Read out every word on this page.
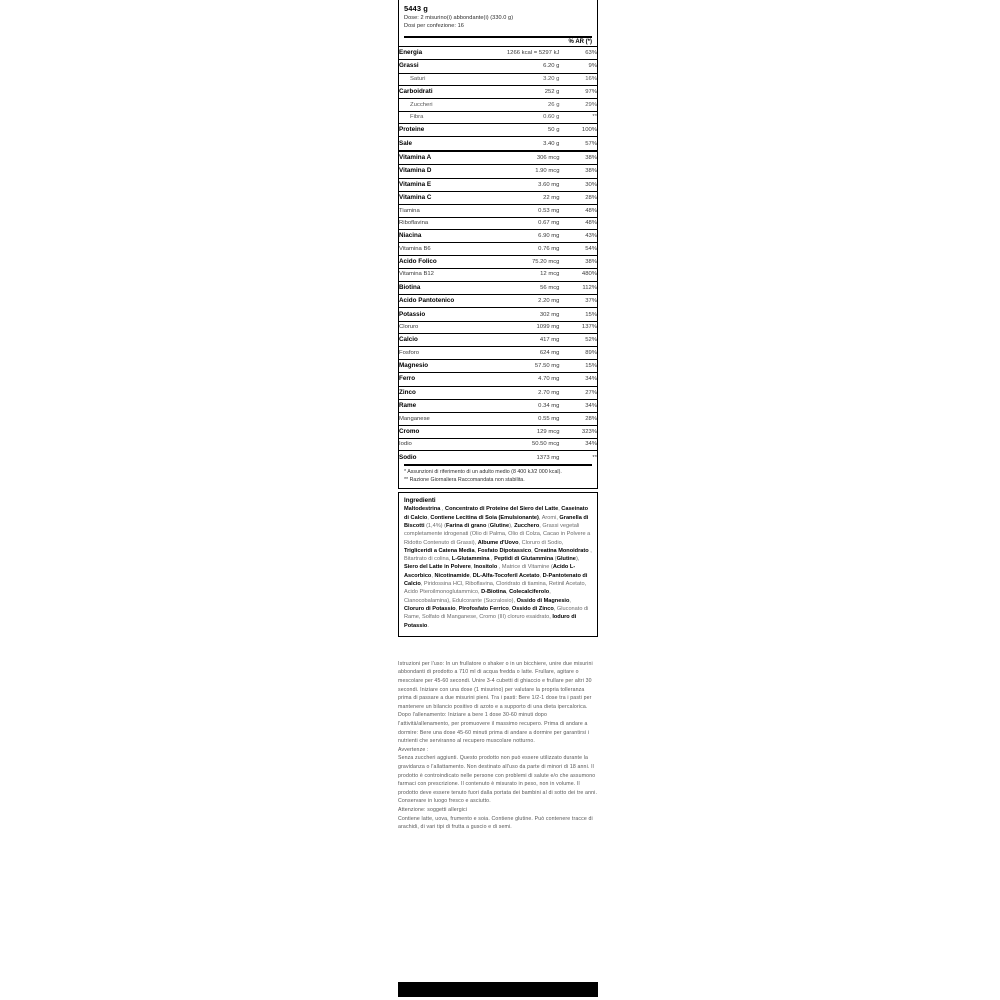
5443 g
Dose: 2 misurino(i) abbondante(i) (330.0 g)
Dosi per confezione: 16
% AR (*)
Energia	1266 kcal = 5297 kJ	63%
Grassi	6.20 g	9%
Saturi	3.20 g	16%
Carboidrati	252 g	97%
Zuccheri	26 g	29%
Fibra	0.60 g	**
Proteine	50 g	100%
Sale	3.40 g	57%
Vitamina A	306 mcg	38%
Vitamina D	1.90 mcg	38%
Vitamina E	3.60 mg	30%
Vitamina C	22 mg	28%
Tiamina	0.53 mg	48%
Riboflavina	0.67 mg	48%
Niacina	6.90 mg	43%
Vitamina B6	0.76 mg	54%
Acido Folico	75.20 mcg	38%
Vitamina B12	12 mcg	480%
Biotina	56 mcg	112%
Acido Pantotenico	2.20 mg	37%
Potassio	302 mg	15%
Cloruro	1099 mg	137%
Calcio	417 mg	52%
Fosforo	624 mg	89%
Magnesio	57.50 mg	15%
Ferro	4.70 mg	34%
Zinco	2.70 mg	27%
Rame	0.34 mg	34%
Manganese	0.55 mg	28%
Cromo	129 mcg	323%
Iodio	50.50 mcg	34%
Sodio	1373 mg	**
* Assunzioni di riferimento di un adulto medio (8 400 kJ/2 000 kcal).
** Razione Giornaliera Raccomandata non stabilita.
Ingredienti
Maltodestrina , Concentrato di Proteine del Siero del Latte, Caseinato di Calcio, Contiene Lecitina di Soia (Emulsionante), Aromi, Granella di Biscotti (1,4%) (Farina di grano (Glutine), Zucchero, Grassi vegetali completamente idrogenati (Olio di Palma, Olio di Colza, Cacao in Polvere a Ridotto Contenuto di Grassi), Albume d'Uovo, Cloruro di Sodio, Trigliceridi a Catena Media, Fosfato Dipotassico, Creatina Monoidrato , Bitartrato di colina, L-Glutammina , Peptidi di Glutammina (Glutine), Siero del Latte in Polvere, Inositolo , Matrice di Vitamine (Acido L-Ascorbico, Nicotinamide, DL-Alfa-Tocoferil Acetato, D-Pantotenato di Calcio, Piridossina HCl, Riboflavina, Cloridrato di tiamina, Retinil Acetato, Acido Pteroilmonoglutammico, D-Biotina, Colecalciferolo, Cianocobalamina), Edulcorante (Sucralosio), Ossido di Magnesio, Cloruro di Potassio, Pirofosfato Ferrico, Ossido di Zinco, Gluconato di Rame, Solfato di Manganese, Cromo (III) cloruro esaidrato, Ioduro di Potassio.

Istruzioni per l'uso: In un frullatore o shaker o in un bicchiere, unire due misurini abbondanti di prodotto a 710 ml di acqua fredda o latte. Frullare, agitare o mescolare per 45-60 secondi. Unire 3-4 cubetti di ghiaccio e frullare per altri 30 secondi. Iniziare con una dose (1 misurino) per valutare la propria tolleranza prima di passare a due misurini pieni. Tra i pasti: Bere 1/2-1 dose tra i pasti per mantenere un bilancio positivo di azoto e a supporto di una dieta ipercalorica. Dopo l'allenamento: Iniziare a bere 1 dose 30-60 minuti dopo l'attività/allenamento, per promuovere il massimo recupero. Prima di andare a dormire: Bere una dose 45-60 minuti prima di andare a dormire per garantirsi i nutrienti che serviranno al recupero muscolare notturno.

Avvertenze :

Senza zuccheri aggiunti. Questo prodotto non può essere utilizzato durante la gravidanza o l'allattamento. Non destinato all'uso da parte di minori di 18 anni. Il prodotto è controindicato nelle persone con problemi di salute e/o che assumono farmaci con prescrizione. Il contenuto è misurato in peso, non in volume. Il prodotto deve essere tenuto fuori dalla portata dei bambini al di sotto dei tre anni. Conservare in luogo fresco e asciutto.

Attenzione: soggetti allergici

Contiene latte, uova, frumento e soia. Contiene glutine. Può contenere tracce di arachidi, di vari tipi di frutta a guscio e di semi.
